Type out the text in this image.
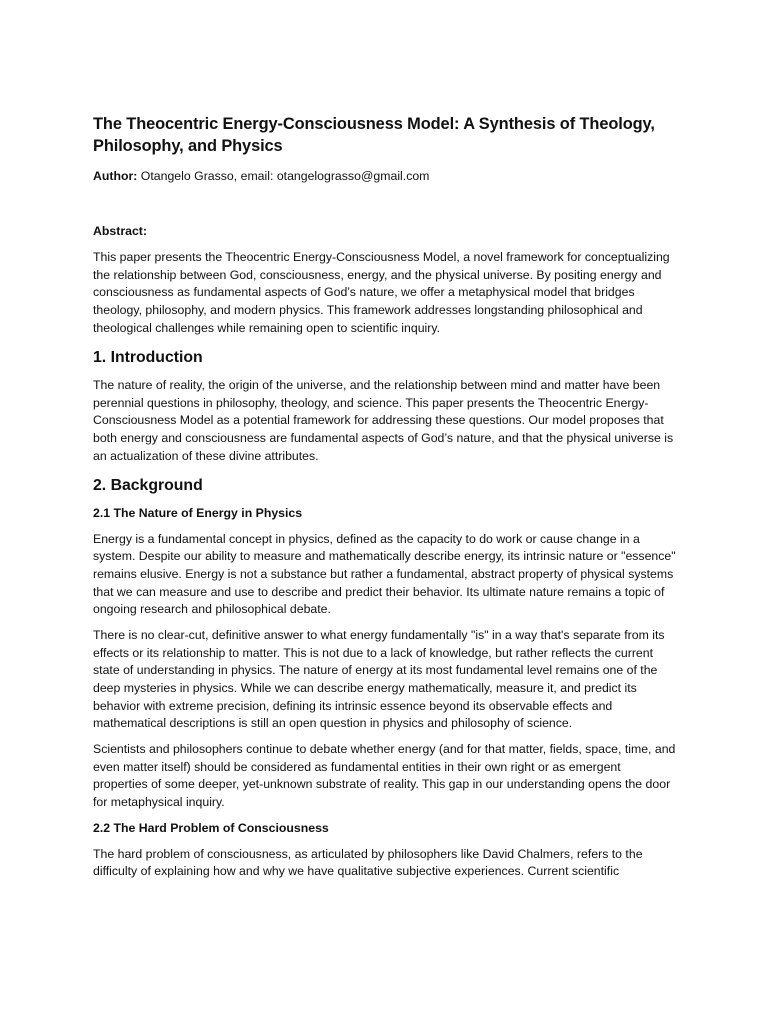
The Theocentric Energy-Consciousness Model: A Synthesis of Theology, Philosophy, and Physics
Author: Otangelo Grasso, email: otangelograsso@gmail.com
Abstract:

This paper presents the Theocentric Energy-Consciousness Model, a novel framework for conceptualizing the relationship between God, consciousness, energy, and the physical universe. By positing energy and consciousness as fundamental aspects of God’s nature, we offer a metaphysical model that bridges theology, philosophy, and modern physics. This framework addresses longstanding philosophical and theological challenges while remaining open to scientific inquiry.

1. Introduction

The nature of reality, the origin of the universe, and the relationship between mind and matter have been perennial questions in philosophy, theology, and science. This paper presents the Theocentric Energy-Consciousness Model as a potential framework for addressing these questions. Our model proposes that both energy and consciousness are fundamental aspects of God’s nature, and that the physical universe is an actualization of these divine attributes.

2. Background
2.1 The Nature of Energy in Physics

Energy is a fundamental concept in physics, defined as the capacity to do work or cause change in a system. Despite our ability to measure and mathematically describe energy, its intrinsic nature or "essence" remains elusive. Energy is not a substance but rather a fundamental, abstract property of physical systems that we can measure and use to describe and predict their behavior. Its ultimate nature remains a topic of ongoing research and philosophical debate.

There is no clear-cut, definitive answer to what energy fundamentally "is" in a way that's separate from its effects or its relationship to matter. This is not due to a lack of knowledge, but rather reflects the current state of understanding in physics. The nature of energy at its most fundamental level remains one of the deep mysteries in physics. While we can describe energy mathematically, measure it, and predict its behavior with extreme precision, defining its intrinsic essence beyond its observable effects and mathematical descriptions is still an open question in physics and philosophy of science.

Scientists and philosophers continue to debate whether energy (and for that matter, fields, space, time, and even matter itself) should be considered as fundamental entities in their own right or as emergent properties of some deeper, yet-unknown substrate of reality. This gap in our understanding opens the door for metaphysical inquiry.

2.2 The Hard Problem of Consciousness

The hard problem of consciousness, as articulated by philosophers like David Chalmers, refers to the difficulty of explaining how and why we have qualitative subjective experiences. Current scientific
